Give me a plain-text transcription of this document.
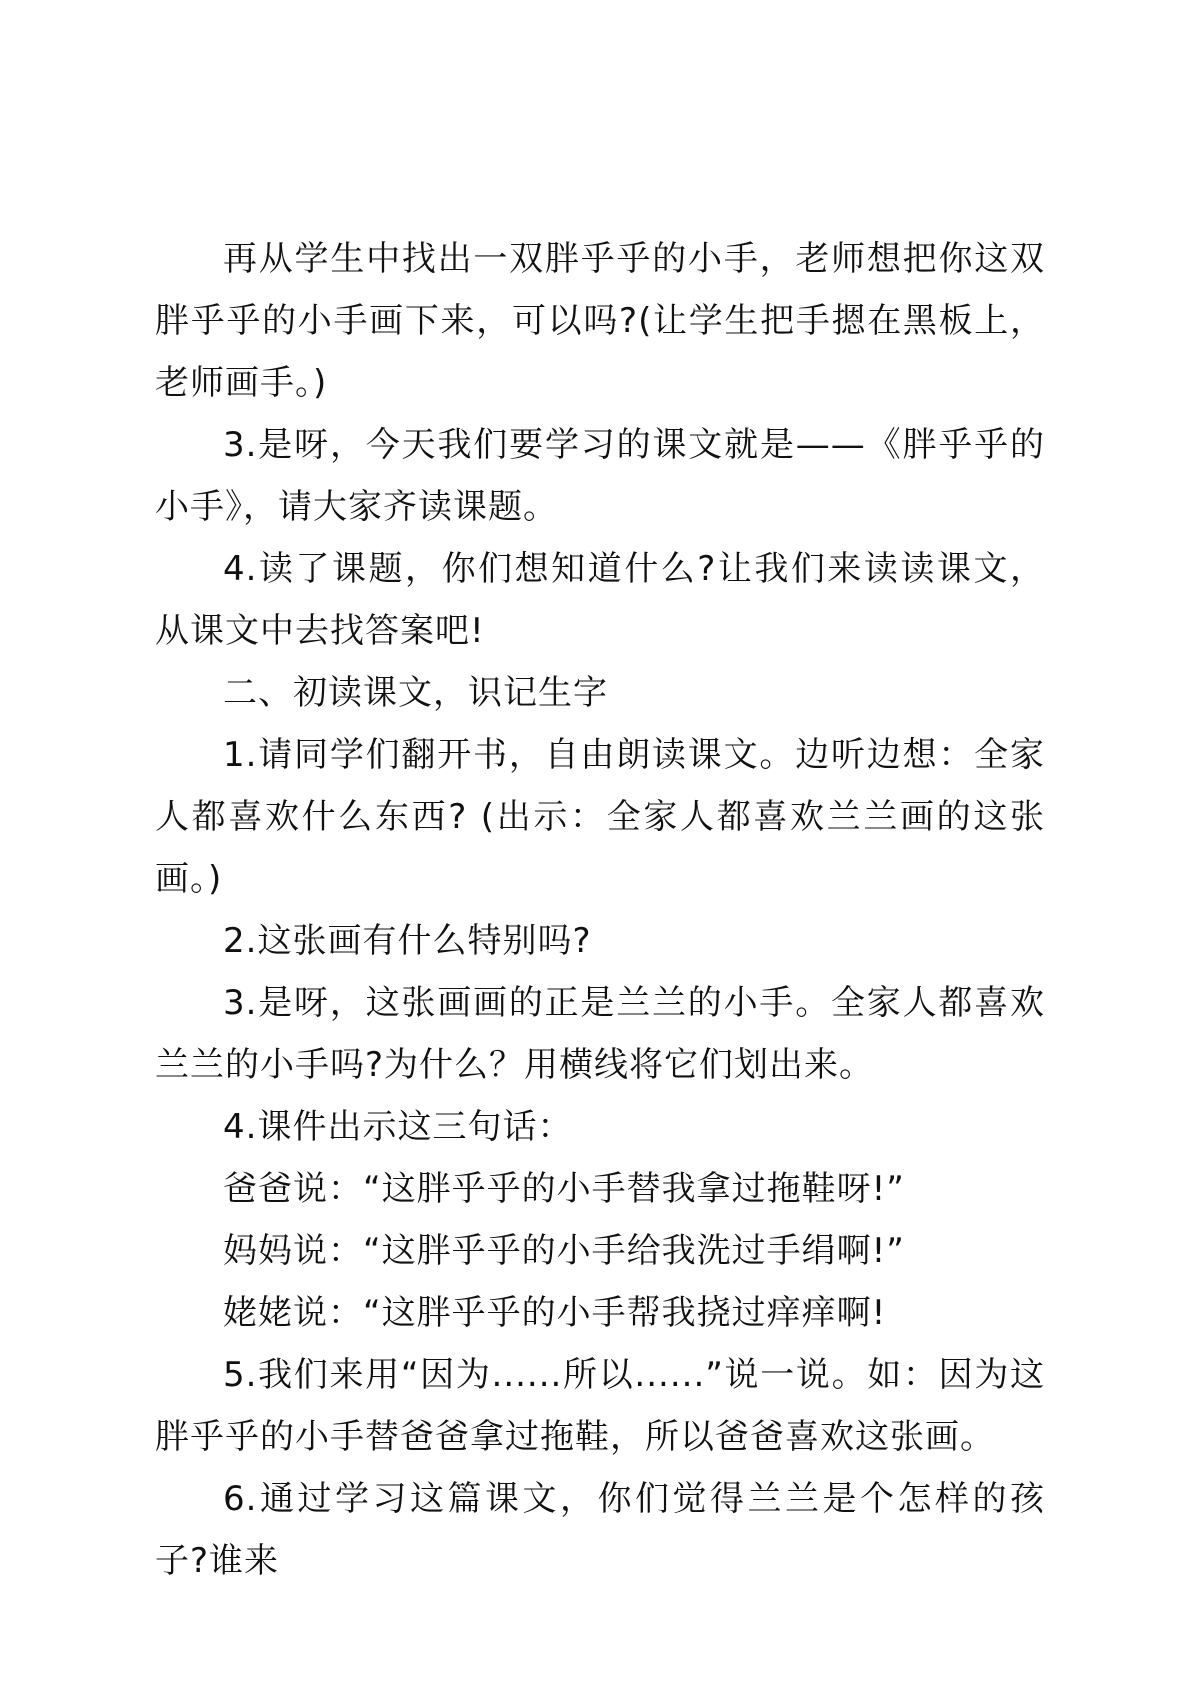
再从学生中找出一双胖乎乎的小手，老师想把你这双胖乎乎的小手画下来，可以吗?(让学生把手摁在黑板上，老师画手。)

3.是呀，今天我们要学习的课文就是——《胖乎乎的小手》，请大家齐读课题。

4.读了课题，你们想知道什么?让我们来读读课文，从课文中去找答案吧!

二、初读课文，识记生字

1.请同学们翻开书，自由朗读课文。边听边想：全家人都喜欢什么东西? (出示：全家人都喜欢兰兰画的这张画。)

2.这张画有什么特别吗?

3.是呀，这张画画的正是兰兰的小手。全家人都喜欢兰兰的小手吗?为什么？用横线将它们划出来。

4.课件出示这三句话：

爸爸说：“这胖乎乎的小手替我拿过拖鞋呀!”

妈妈说：“这胖乎乎的小手给我洗过手绢啊!”

姥姥说：“这胖乎乎的小手帮我挠过痒痒啊!

5.我们来用“因为......所以......”说一说。如：因为这胖乎乎的小手替爸爸拿过拖鞋，所以爸爸喜欢这张画。

6.通过学习这篇课文，你们觉得兰兰是个怎样的孩子?谁来
